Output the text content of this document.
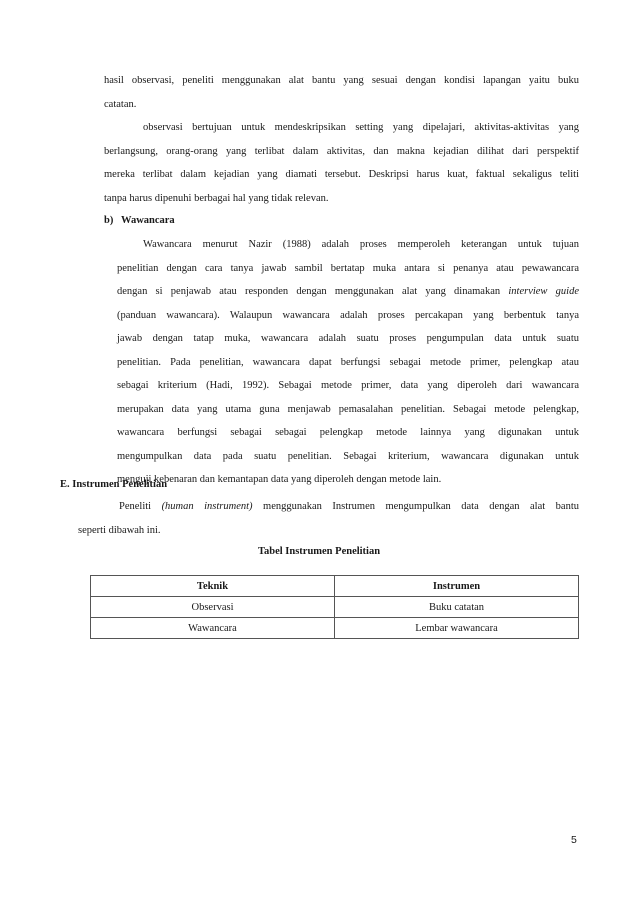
hasil observasi, peneliti menggunakan alat bantu yang sesuai dengan kondisi lapangan yaitu buku
catatan.
observasi bertujuan untuk mendeskripsikan setting yang dipelajari, aktivitas-aktivitas yang
berlangsung, orang-orang yang terlibat dalam aktivitas, dan makna kejadian dilihat dari perspektif
mereka terlibat dalam kejadian yang diamati tersebut. Deskripsi harus kuat, faktual sekaligus teliti
tanpa harus dipenuhi berbagai hal yang tidak relevan.
b)   Wawancara
Wawancara menurut Nazir (1988) adalah proses memperoleh keterangan untuk tujuan
penelitian dengan cara tanya jawab sambil bertatap muka antara si penanya atau pewawancara
dengan si penjawab atau responden dengan menggunakan alat yang dinamakan interview guide
(panduan wawancara). Walaupun wawancara adalah proses percakapan yang berbentuk tanya
jawab dengan tatap muka, wawancara adalah suatu proses pengumpulan data untuk suatu
penelitian. Pada penelitian, wawancara dapat berfungsi sebagai metode primer, pelengkap atau
sebagai kriterium (Hadi, 1992). Sebagai metode primer, data yang diperoleh dari wawancara
merupakan data yang utama guna menjawab pemasalahan penelitian. Sebagai metode pelengkap,
wawancara berfungsi sebagai sebagai pelengkap metode lainnya yang digunakan untuk
mengumpulkan data pada suatu penelitian. Sebagai kriterium, wawancara digunakan untuk
menguji kebenaran dan kemantapan data yang diperoleh dengan metode lain.
E. Instrumen Penelitian
Peneliti (human instrument) menggunakan Instrumen mengumpulkan data dengan alat bantu
seperti dibawah ini.
Tabel Instrumen Penelitian
Teknik	Instrumen
Observasi	Buku catatan
Wawancara	Lembar wawancara
5
